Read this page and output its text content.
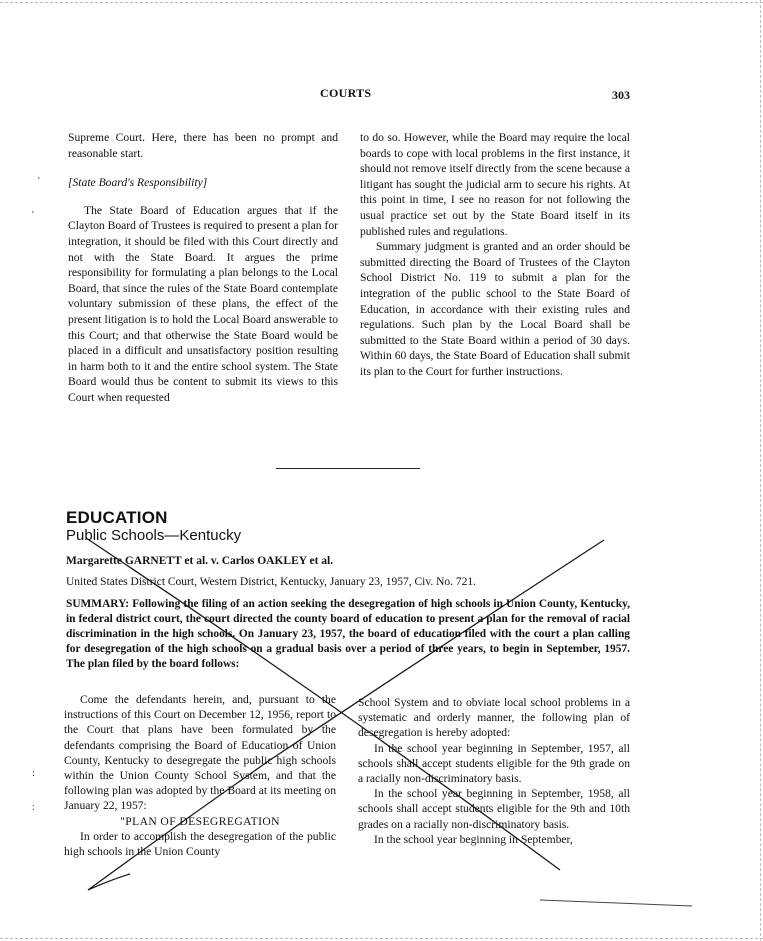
COURTS	303

Supreme Court. Here, there has been no prompt and reasonable start.

[State Board's Responsibility]

The State Board of Education argues that if the Clayton Board of Trustees is required to present a plan for integration, it should be filed with this Court directly and not with the State Board. It argues the prime responsibility for formulating a plan belongs to the Local Board, that since the rules of the State Board contemplate voluntary submission of these plans, the effect of the present litigation is to hold the Local Board answerable to this Court; and that otherwise the State Board would be placed in a difficult and unsatisfactory position resulting in harm both to it and the entire school system. The State Board would thus be content to submit its views to this Court when requested

to do so. However, while the Board may require the local boards to cope with local problems in the first instance, it should not remove itself directly from the scene because a litigant has sought the judicial arm to secure his rights. At this point in time, I see no reason for not following the usual practice set out by the State Board itself in its published rules and regulations.

Summary judgment is granted and an order should be submitted directing the Board of Trustees of the Clayton School District No. 119 to submit a plan for the integration of the public school to the State Board of Education, in accordance with their existing rules and regulations. Such plan by the Local Board shall be submitted to the State Board within a period of 30 days. Within 60 days, the State Board of Education shall submit its plan to the Court for further instructions.

EDUCATION
Public Schools—Kentucky
Margarette GARNETT et al. v. Carlos OAKLEY et al.
United States District Court, Western District, Kentucky, January 23, 1957, Civ. No. 721.
SUMMARY: Following the filing of an action seeking the desegregation of high schools in Union County, Kentucky, in federal district court, the court directed the county board of education to present a plan for the removal of racial discrimination in the high schools. On January 23, 1957, the board of education filed with the court a plan calling for desegregation of the high schools on a gradual basis over a period of three years, to begin in September, 1957. The plan filed by the board follows:

Come the defendants herein, and, pursuant to the instructions of this Court on December 12, 1956, report to the Court that plans have been formulated by the defendants comprising the Board of Education of Union County, Kentucky to desegregate the public high schools within the Union County School System, and that the following plan was adopted by the Board at its meeting on January 22, 1957:

"PLAN OF DESEGREGATION

In order to accomplish the desegregation of the public high schools in the Union County

School System and to obviate local school problems in a systematic and orderly manner, the following plan of desegregation is hereby adopted:

In the school year beginning in September, 1957, all schools shall accept students eligible for the 9th grade on a racially non-discriminatory basis.

In the school year beginning in September, 1958, all schools shall accept students eligible for the 9th and 10th grades on a racially non-discriminatory basis.

In the school year beginning in September,

'
'
:
:
